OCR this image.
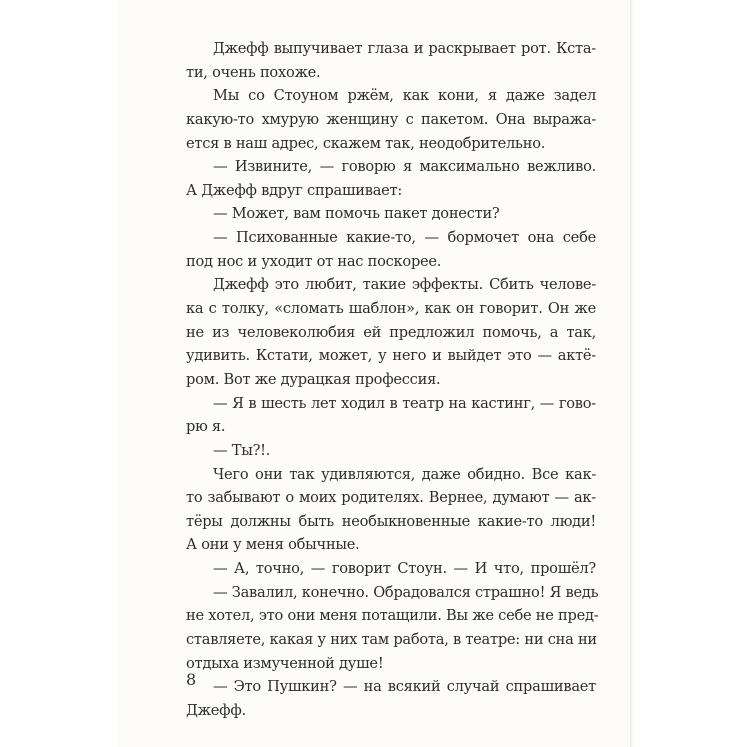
Джефф выпучивает глаза и раскрывает рот. Кста-
ти, очень похоже.
Мы со Стоуном ржём, как кони, я даже задел
какую-то хмурую женщину с пакетом. Она выража-
ется в наш адрес, скажем так, неодобрительно.
— Извините, — говорю я максимально вежливо.
А Джефф вдруг спрашивает:
— Может, вам помочь пакет донести?
— Психованные какие-то, — бормочет она себе
под нос и уходит от нас поскорее.
Джефф это любит, такие эффекты. Сбить челове-
ка с толку, «сломать шаблон», как он говорит. Он же
не из человеколюбия ей предложил помочь, а так,
удивить. Кстати, может, у него и выйдет это — актё-
ром. Вот же дурацкая профессия.
— Я в шесть лет ходил в театр на кастинг, — гово-
рю я.
— Ты?!.
Чего они так удивляются, даже обидно. Все как-
то забывают о моих родителях. Вернее, думают — ак-
тёры должны быть необыкновенные какие-то люди!
А они у меня обычные.
— А, точно, — говорит Стоун. — И что, прошёл?
— Завалил, конечно. Обрадовался страшно! Я ведь
не хотел, это они меня потащили. Вы же себе не пред-
ставляете, какая у них там работа, в театре: ни сна ни
отдыха измученной душе!
— Это Пушкин? — на всякий случай спрашивает
Джефф.
8
